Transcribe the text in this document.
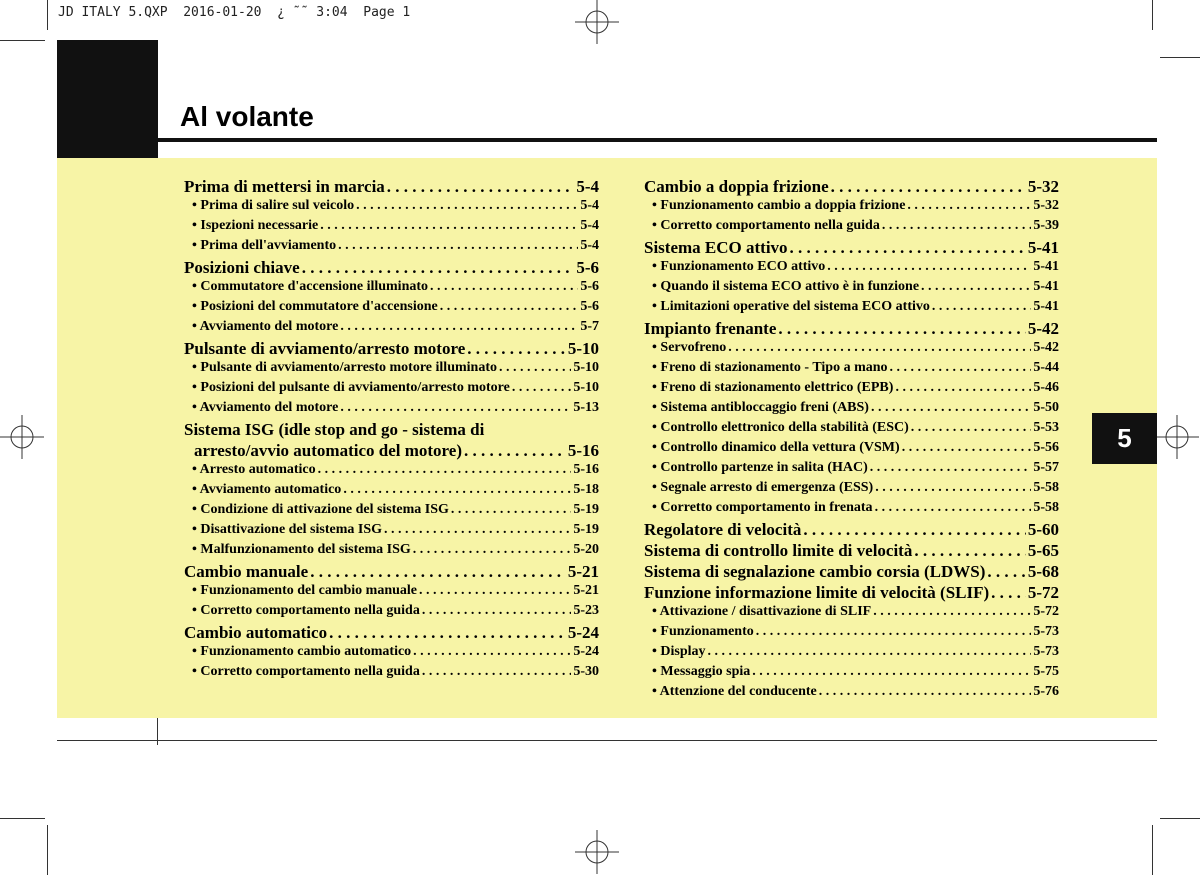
JD ITALY 5.QXP  2016-01-20  ¿ ˜˜ 3:04  Page 1
Al volante
5
Prima di mettersi in marcia . . .	5-4
• Prima di salire sul veicolo . . .	5-4
• Ispezioni necessarie . . .	5-4
• Prima dell'avviamento . . .	5-4
Posizioni chiave . . .	5-6
• Commutatore d'accensione illuminato . . .	5-6
• Posizioni del commutatore d'accensione . . .	5-6
• Avviamento del motore . . .	5-7
Pulsante di avviamento/arresto motore . . .	5-10
• Pulsante di avviamento/arresto motore illuminato . . .	5-10
• Posizioni del pulsante di avviamento/arresto motore . . .	5-10
• Avviamento del motore . . .	5-13
Sistema ISG (idle stop and go - sistema di
arresto/avvio automatico del motore) . . .	5-16
• Arresto automatico . . .	5-16
• Avviamento automatico . . .	5-18
• Condizione di attivazione del sistema ISG . . .	5-19
• Disattivazione del sistema ISG . . .	5-19
• Malfunzionamento del sistema ISG . . .	5-20
Cambio manuale . . .	5-21
• Funzionamento del cambio manuale . . .	5-21
• Corretto comportamento nella guida . . .	5-23
Cambio automatico . . .	5-24
• Funzionamento cambio automatico . . .	5-24
• Corretto comportamento nella guida . . .	5-30
Cambio a doppia frizione . . .	5-32
• Funzionamento cambio a doppia frizione . . .	5-32
• Corretto comportamento nella guida . . .	5-39
Sistema ECO attivo . . .	5-41
• Funzionamento ECO attivo . . .	5-41
• Quando il sistema ECO attivo è in funzione . . .	5-41
• Limitazioni operative del sistema ECO attivo . . .	5-41
Impianto frenante . . .	5-42
• Servofreno . . .	5-42
• Freno di stazionamento - Tipo a mano . . .	5-44
• Freno di stazionamento elettrico (EPB) . . .	5-46
• Sistema antibloccaggio freni (ABS) . . .	5-50
• Controllo elettronico della stabilità (ESC) . . .	5-53
• Controllo dinamico della vettura (VSM) . . .	5-56
• Controllo partenze in salita (HAC) . . .	5-57
• Segnale arresto di emergenza (ESS) . . .	5-58
• Corretto comportamento in frenata . . .	5-58
Regolatore di velocità . . .	5-60
Sistema di controllo limite di velocità . . .	5-65
Sistema di segnalazione cambio corsia (LDWS) . . . 5-68
Funzione informazione limite di velocità (SLIF) . . . 5-72
• Attivazione / disattivazione di SLIF . . .	5-72
• Funzionamento . . .	5-73
• Display . . .	5-73
• Messaggio spia . . .	5-75
• Attenzione del conducente . . .	5-76
